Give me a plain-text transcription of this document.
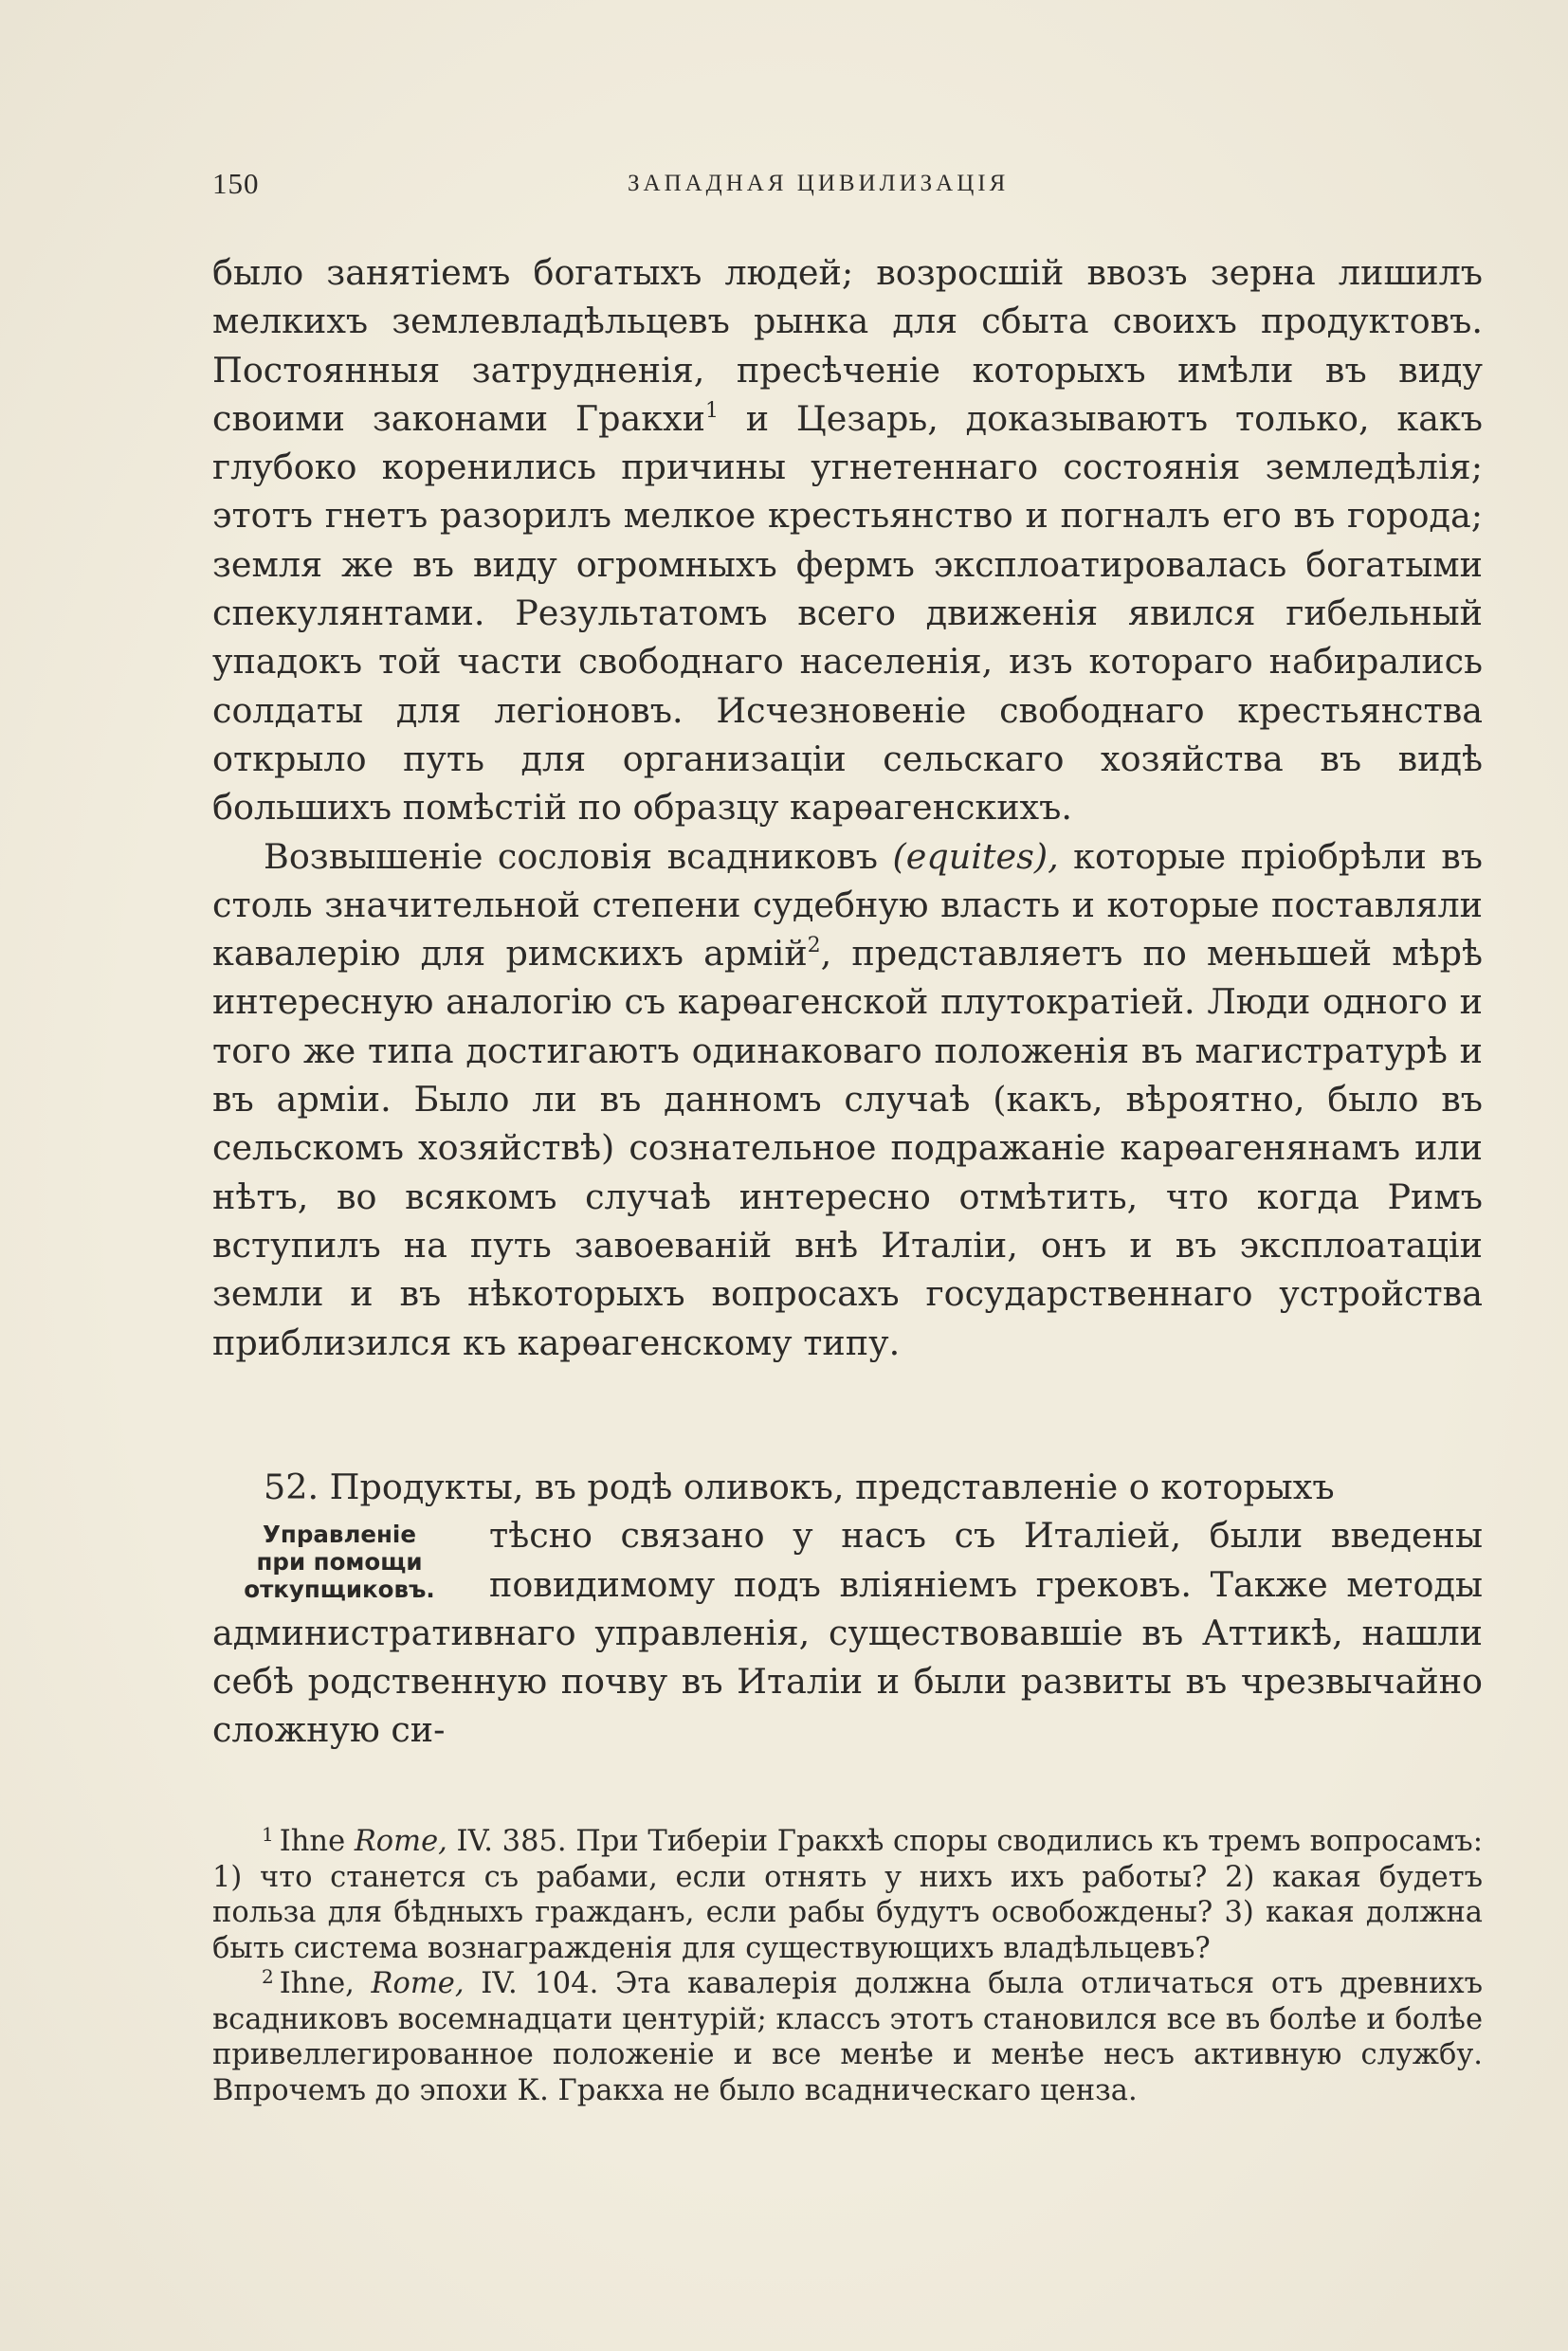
150	ЗАПАДНАЯ ЦИВИЛИЗАЦІЯ

было занятіемъ богатыхъ людей; возросшій ввозъ зерна лишилъ мелкихъ землевладѣльцевъ рынка для сбыта своихъ продуктовъ. Постоянныя затрудненія, пресѣченіе которыхъ имѣли въ виду своими законами Гракхи$^1$ и Цезарь, доказываютъ только, какъ глубоко коренились причины угнетеннаго состоянія земледѣлія; этотъ гнетъ разорилъ мелкое крестьянство и погналъ его въ города; земля же въ виду огромныхъ фермъ эксплоатировалась богатыми спекулянтами. Результатомъ всего движенія явился гибельный упадокъ той части свободнаго населенія, изъ котораго набирались солдаты для легіоновъ. Исчезновеніе свободнаго крестьянства открыло путь для организаціи сельскаго хозяйства въ видѣ большихъ помѣстій по образцу карѳагенскихъ.

Возвышеніе сословія всадниковъ (equites), которые пріобрѣли въ столь значительной степени судебную власть и которые поставляли кавалерію для римскихъ армій$^2$, представляетъ по меньшей мѣрѣ интересную аналогію съ карѳагенской плутократіей. Люди одного и того же типа достигаютъ одинаковаго положенія въ магистратурѣ и въ арміи. Было ли въ данномъ случаѣ (какъ, вѣроятно, было въ сельскомъ хозяйствѣ) сознательное подражаніе карѳагенянамъ или нѣтъ, во всякомъ случаѣ интересно отмѣтить, что когда Римъ вступилъ на путь завоеваній внѣ Италіи, онъ и въ эксплоатаціи земли и въ нѣкоторыхъ вопросахъ государственнаго устройства приблизился къ карѳагенскому типу.

52. Продукты, въ родѣ оливокъ, представленіе о которыхъ

Управленіе
при помощи
откупщиковъ.

тѣсно связано у насъ съ Италіей, были введены повидимому подъ вліяніемъ грековъ. Также методы административнаго управленія, существовавшіе въ Аттикѣ, нашли себѣ родственную почву въ Италіи и были развиты въ чрезвычайно сложную си-

$^1$ Ihne Rome, IV. 385. При Тиберіи Гракхѣ споры сводились къ тремъ вопросамъ: 1) что станется съ рабами, если отнять у нихъ ихъ работы? 2) какая будетъ польза для бѣдныхъ гражданъ, если рабы будутъ освобождены? 3) какая должна быть система вознагражденія для существующихъ владѣльцевъ?

$^2$ Ihne, Rome, IV. 104. Эта кавалерія должна была отличаться отъ древнихъ всадниковъ восемнадцати центурій; классъ этотъ становился все въ болѣе и болѣе привеллегированное положеніе и все менѣе и менѣе несъ активную службу. Впрочемъ до эпохи К. Гракха не было всадническаго ценза.
